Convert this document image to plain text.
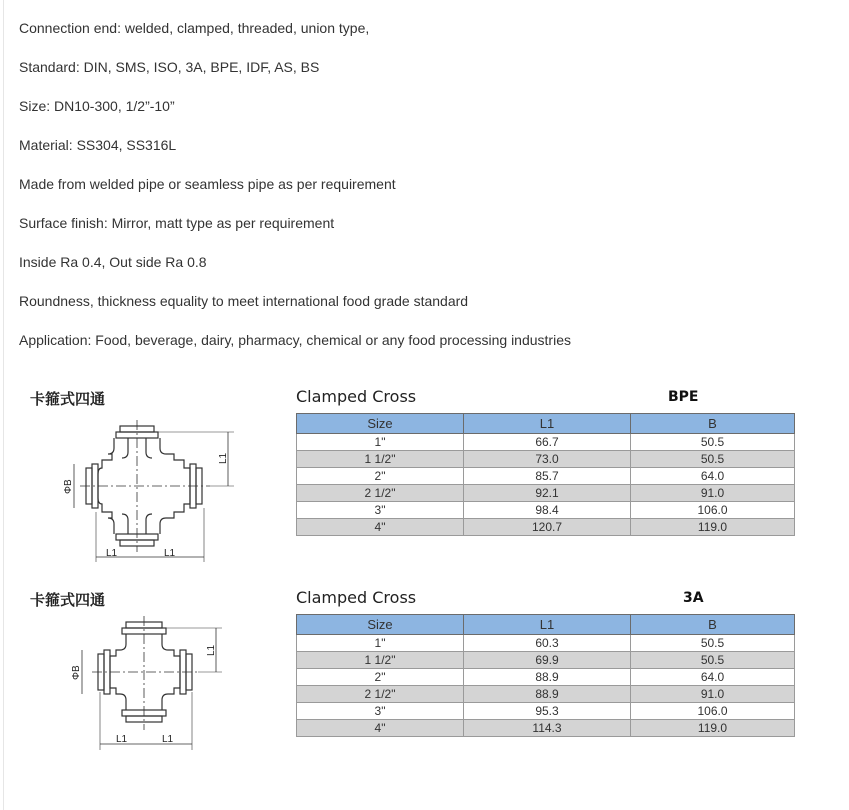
Connection end: welded, clamped, threaded, union type,
Standard: DIN, SMS, ISO, 3A, BPE, IDF, AS, BS
Size: DN10-300, 1/2”-10”
Material: SS304, SS316L
Made from welded pipe or seamless pipe as per requirement
Surface finish: Mirror, matt type as per requirement
Inside Ra 0.4, Out side Ra 0.8
Roundness, thickness equality to meet international food grade standard
Application: Food, beverage, dairy, pharmacy, chemical or any food processing industries
卡箍式四通	Clamped Cross	BPE
L1	L1
L1
ΦB
Size	L1	B
1"	66.7	50.5
1 1/2"	73.0	50.5
2"	85.7	64.0
2 1/2"	92.1	91.0
3"	98.4	106.0
4"	120.7	119.0
卡箍式四通	Clamped Cross	3A
L1	L1
L1
ΦB
Size	L1	B
1"	60.3	50.5
1 1/2"	69.9	50.5
2"	88.9	64.0
2 1/2"	88.9	91.0
3"	95.3	106.0
4"	114.3	119.0
